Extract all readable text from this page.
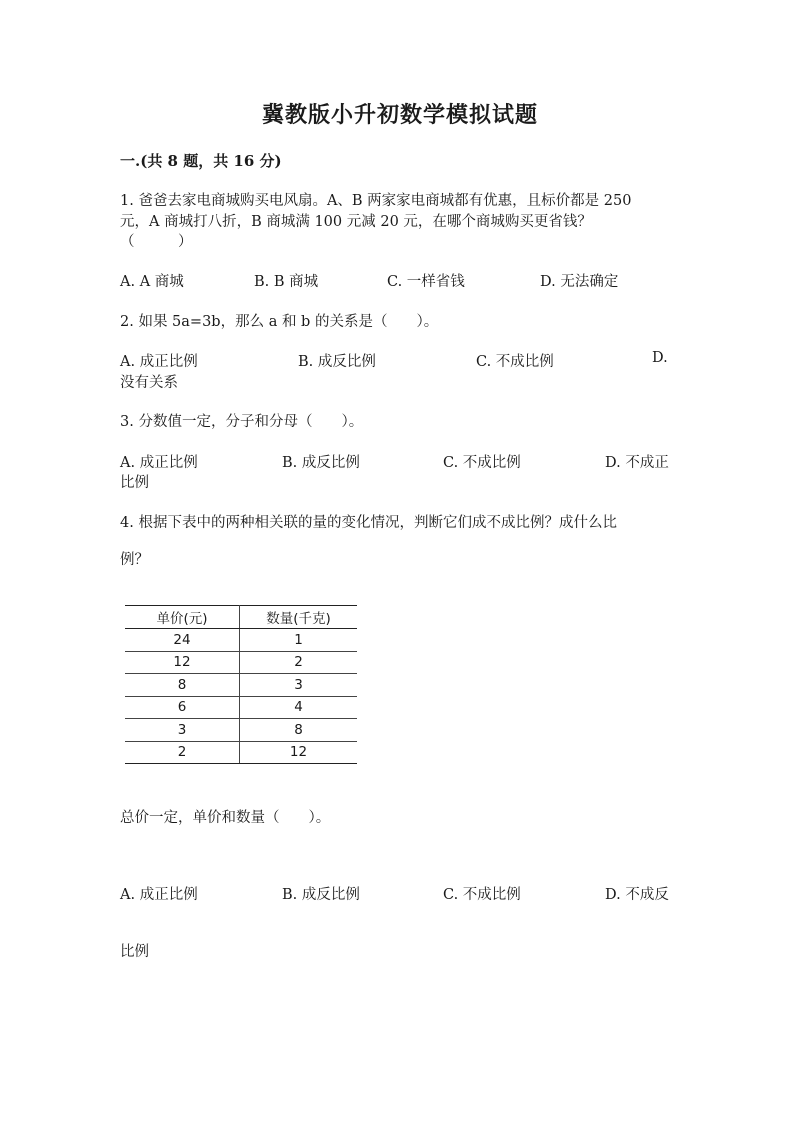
冀教版小升初数学模拟试题
一.(共 8 题，共 16 分)
1. 爸爸去家电商城购买电风扇。A、B 两家家电商城都有优惠，且标价都是 250
元，A 商城打八折，B 商城满 100 元减 20 元，在哪个商城购买更省钱？
（　　　）
A. A 商城	B. B 商城	C. 一样省钱	D. 无法确定
2. 如果 5a=3b，那么 a 和 b 的关系是（　　）。
A. 成正比例	B. 成反比例	C. 不成比例	D.
没有关系
3. 分数值一定，分子和分母（　　）。
A. 成正比例	B. 成反比例	C. 不成比例	D. 不成正
比例
4. 根据下表中的两种相关联的量的变化情况，判断它们成不成比例？成什么比
例？
单价(元)	数量(千克)
24	1
12	2
8	3
6	4
3	8
2	12
总价一定，单价和数量（　　）。
A. 成正比例	B. 成反比例	C. 不成比例	D. 不成反
比例
